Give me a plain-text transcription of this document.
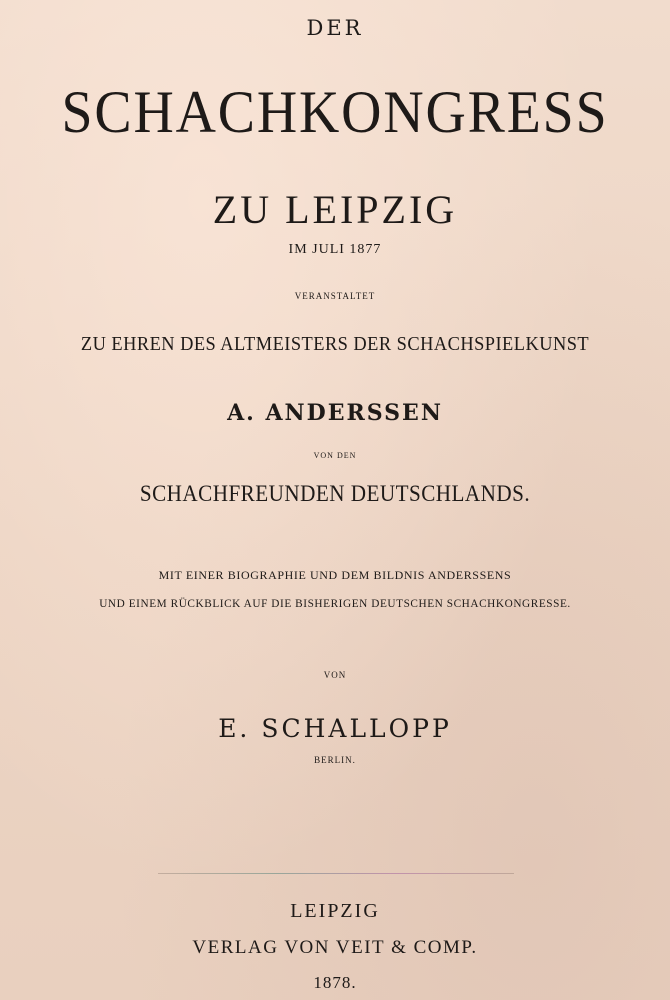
DER
SCHACHKONGRESS
ZU LEIPZIG
IM JULI 1877
VERANSTALTET
ZU EHREN DES ALTMEISTERS DER SCHACHSPIELKUNST
A. ANDERSSEN
VON DEN
SCHACHFREUNDEN DEUTSCHLANDS.
MIT EINER BIOGRAPHIE UND DEM BILDNIS ANDERSSENS
UND EINEM RÜCKBLICK AUF DIE BISHERIGEN DEUTSCHEN SCHACHKONGRESSE.
VON
E. SCHALLOPP
BERLIN.
LEIPZIG
VERLAG VON VEIT & COMP.
1878.
